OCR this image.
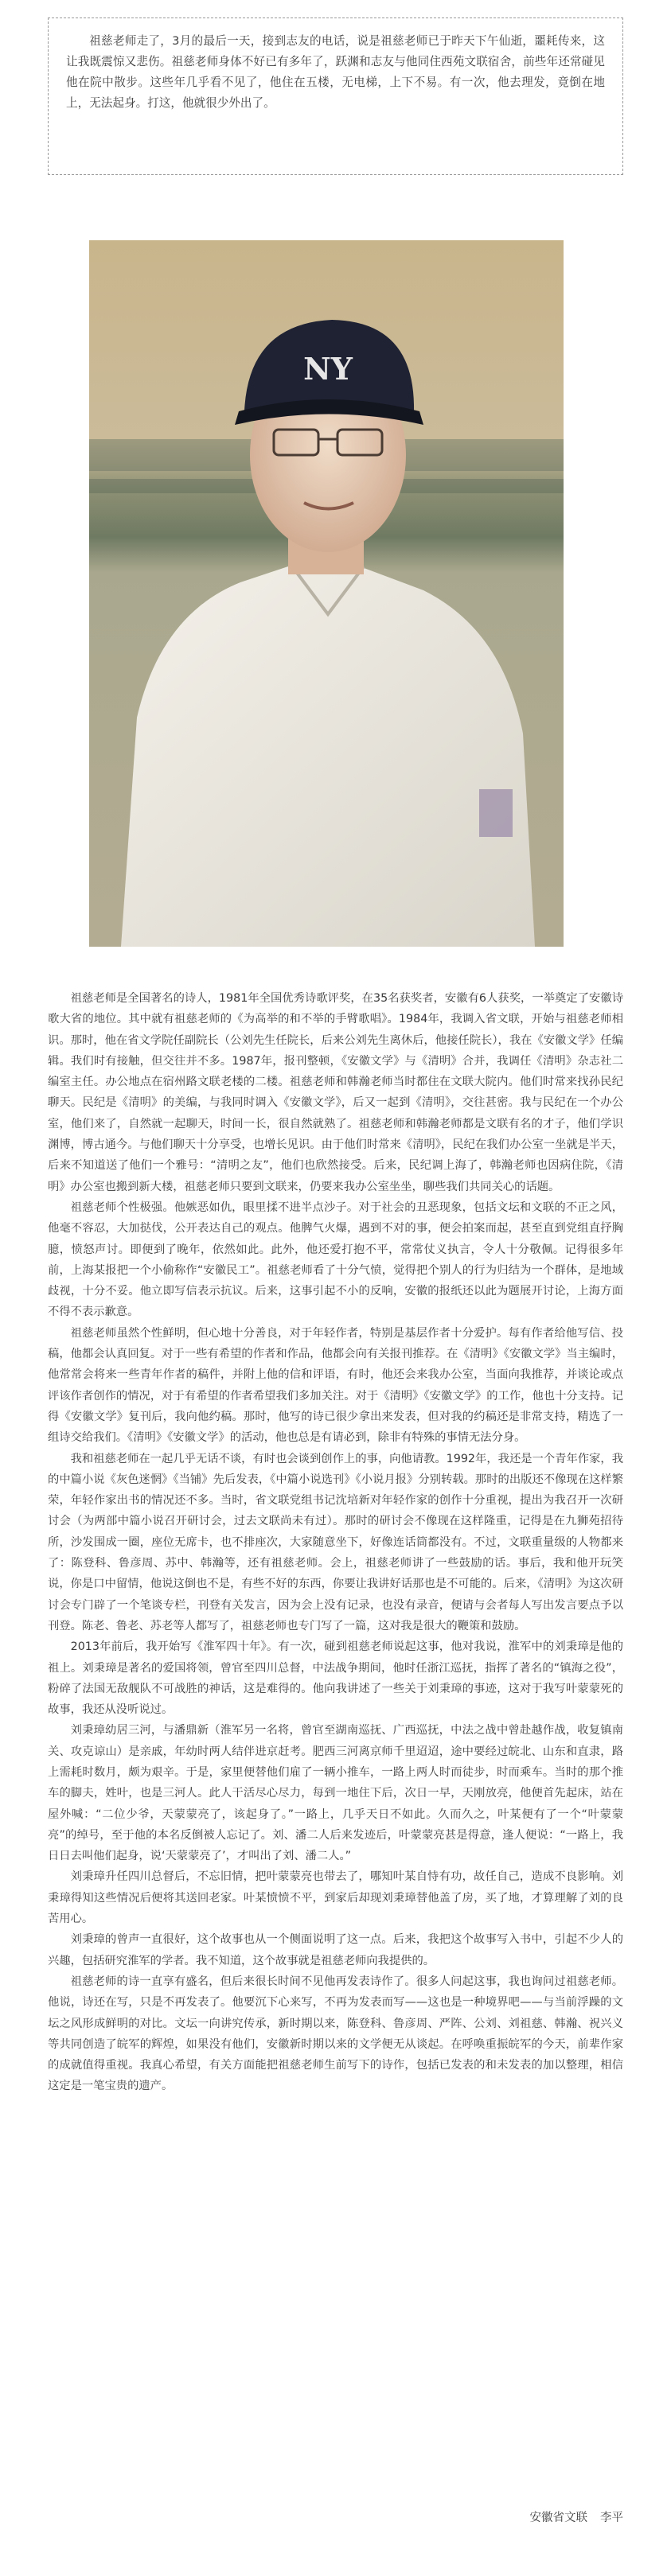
祖慈老师走了，3月的最后一天，接到志友的电话，说是祖慈老师已于昨天下午仙逝，噩耗传来，这让我既震惊又悲伤。祖慈老师身体不好已有多年了，跃渊和志友与他同住西苑文联宿舍，前些年还常碰见他在院中散步。这些年几乎看不见了，他住在五楼，无电梯，上下不易。有一次，他去理发，竟倒在地上，无法起身。打这，他就很少外出了。

NY

祖慈老师是全国著名的诗人，1981年全国优秀诗歌评奖，在35名获奖者，安徽有6人获奖，一举奠定了安徽诗歌大省的地位。其中就有祖慈老师的《为高举的和不举的手臂歌唱》。1984年，我调入省文联，开始与祖慈老师相识。那时，他在省文学院任副院长（公刘先生任院长，后来公刘先生离休后，他接任院长），我在《安徽文学》任编辑。我们时有接触，但交往并不多。1987年，报刊整顿，《安徽文学》与《清明》合并，我调任《清明》杂志社二编室主任。办公地点在宿州路文联老楼的二楼。祖慈老师和韩瀚老师当时都住在文联大院内。他们时常来找孙民纪聊天。民纪是《清明》的美编，与我同时调入《安徽文学》，后又一起到《清明》，交往甚密。我与民纪在一个办公室，他们来了，自然就一起聊天，时间一长，很自然就熟了。祖慈老师和韩瀚老师都是文联有名的才子，他们学识渊博，博古通今。与他们聊天十分享受，也增长见识。由于他们时常来《清明》，民纪在我们办公室一坐就是半天，后来不知道送了他们一个雅号：“清明之友”，他们也欣然接受。后来，民纪调上海了，韩瀚老师也因病住院，《清明》办公室也搬到新大楼，祖慈老师只要到文联来，仍要来我办公室坐坐，聊些我们共同关心的话题。

祖慈老师个性极强。他嫉恶如仇，眼里揉不进半点沙子。对于社会的丑恶现象，包括文坛和文联的不正之风，他毫不容忍，大加挞伐，公开表达自己的观点。他脾气火爆，遇到不对的事，便会拍案而起，甚至直到党组直抒胸臆，愤怒声讨。即便到了晚年，依然如此。此外，他还爱打抱不平，常常仗义执言，令人十分敬佩。记得很多年前，上海某报把一个小偷称作“安徽民工”。祖慈老师看了十分气愤，觉得把个别人的行为归结为一个群体，是地域歧视，十分不妥。他立即写信表示抗议。后来，这事引起不小的反响，安徽的报纸还以此为题展开讨论，上海方面不得不表示歉意。

祖慈老师虽然个性鲜明，但心地十分善良，对于年轻作者，特别是基层作者十分爱护。每有作者给他写信、投稿，他都会认真回复。对于一些有希望的作者和作品，他都会向有关报刊推荐。在《清明》《安徽文学》当主编时，他常常会将来一些青年作者的稿件，并附上他的信和评语，有时，他还会来我办公室，当面向我推荐，并谈论或点评该作者创作的情况，对于有希望的作者希望我们多加关注。对于《清明》《安徽文学》的工作，他也十分支持。记得《安徽文学》复刊后，我向他约稿。那时，他写的诗已很少拿出来发表，但对我的约稿还是非常支持，精选了一组诗交给我们。《清明》《安徽文学》的活动，他也总是有请必到，除非有特殊的事情无法分身。

我和祖慈老师在一起几乎无话不谈，有时也会谈到创作上的事，向他请教。1992年，我还是一个青年作家，我的中篇小说《灰色迷惘》《当铺》先后发表，《中篇小说选刊》《小说月报》分别转载。那时的出版还不像现在这样繁荣，年轻作家出书的情况还不多。当时，省文联党组书记沈培新对年轻作家的创作十分重视，提出为我召开一次研讨会（为两部中篇小说召开研讨会，过去文联尚未有过）。那时的研讨会不像现在这样隆重，记得是在九狮苑招待所，沙发围成一圈，座位无席卡，也不排座次，大家随意坐下，好像连话筒都没有。不过，文联重量级的人物都来了：陈登科、鲁彦周、苏中、韩瀚等，还有祖慈老师。会上，祖慈老师讲了一些鼓励的话。事后，我和他开玩笑说，你是口中留情，他说这倒也不是，有些不好的东西，你要让我讲好话那也是不可能的。后来，《清明》为这次研讨会专门辟了一个笔谈专栏，刊登有关发言，因为会上没有记录，也没有录音，便请与会者每人写出发言要点予以刊登。陈老、鲁老、苏老等人都写了，祖慈老师也专门写了一篇，这对我是很大的鞭策和鼓励。

2013年前后，我开始写《淮军四十年》。有一次，碰到祖慈老师说起这事，他对我说，淮军中的刘秉璋是他的祖上。刘秉璋是著名的爱国将领，曾官至四川总督，中法战争期间，他时任浙江巡抚，指挥了著名的“镇海之役”，粉碎了法国无敌舰队不可战胜的神话，这是难得的。他向我讲述了一些关于刘秉璋的事迹，这对于我写叶蒙蒙死的故事，我还从没听说过。

刘秉璋幼居三河，与潘鼎新（淮军另一名将，曾官至湖南巡抚、广西巡抚，中法之战中曾赴越作战，收复镇南关、攻克谅山）是亲戚，年幼时两人结伴进京赶考。肥西三河离京师千里迢迢，途中要经过皖北、山东和直隶，路上需耗时数月，颇为艰辛。于是，家里便替他们雇了一辆小推车，一路上两人时而徒步，时而乘车。当时的那个推车的脚夫，姓叶，也是三河人。此人干活尽心尽力，每到一地住下后，次日一早，天刚放亮，他便首先起床，站在屋外喊：“二位少爷，天蒙蒙亮了，该起身了。”一路上，几乎天日不如此。久而久之，叶某便有了一个“叶蒙蒙亮”的绰号，至于他的本名反倒被人忘记了。刘、潘二人后来发迹后，叶蒙蒙亮甚是得意，逢人便说：“一路上，我日日去叫他们起身，说‘天蒙蒙亮了’，才叫出了刘、潘二人。”

刘秉璋升任四川总督后，不忘旧情，把叶蒙蒙亮也带去了，哪知叶某自恃有功，故任自己，造成不良影响。刘秉璋得知这些情况后便将其送回老家。叶某愤愤不平，到家后却现刘秉璋替他盖了房，买了地，才算理解了刘的良苦用心。

刘秉璋的曾声一直很好，这个故事也从一个侧面说明了这一点。后来，我把这个故事写入书中，引起不少人的兴趣，包括研究淮军的学者。我不知道，这个故事就是祖慈老师向我提供的。

祖慈老师的诗一直享有盛名，但后来很长时间不见他再发表诗作了。很多人问起这事，我也询问过祖慈老师。他说，诗还在写，只是不再发表了。他要沉下心来写，不再为发表而写——这也是一种境界吧——与当前浮躁的文坛之风形成鲜明的对比。文坛一向讲究传承，新时期以来，陈登科、鲁彦周、严阵、公刘、刘祖慈、韩瀚、祝兴义等共同创造了皖军的辉煌，如果没有他们，安徽新时期以来的文学便无从谈起。在呼唤重振皖军的今天，前辈作家的成就值得重视。我真心希望，有关方面能把祖慈老师生前写下的诗作，包括已发表的和未发表的加以整理，相信这定是一笔宝贵的遗产。

安徽省文联 李平
